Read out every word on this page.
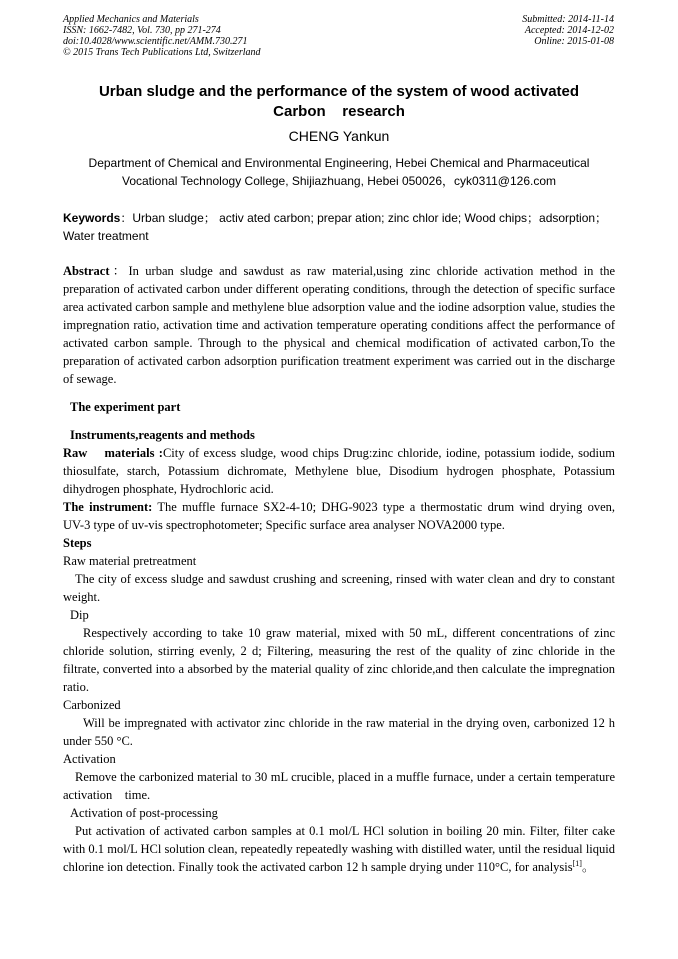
Applied Mechanics and Materials
ISSN: 1662-7482, Vol. 730, pp 271-274
doi:10.4028/www.scientific.net/AMM.730.271
© 2015 Trans Tech Publications Ltd, Switzerland
Submitted: 2014-11-14
Accepted: 2014-12-02
Online: 2015-01-08
Urban sludge and the performance of the system of wood activated
Carbon    research
CHENG Yankun
Department of Chemical and Environmental Engineering, Hebei Chemical and Pharmaceutical
Vocational Technology College, Shijiazhuang, Hebei 050026，cyk0311@126.com
Keywords：Urban sludge； activ ated carbon; prepar ation; zinc chlor ide; Wood chips；adsorption；Water treatment

Abstract：In urban sludge and sawdust as raw material,using zinc chloride activation method in the preparation of activated carbon under different operating conditions, through the detection of specific surface area activated carbon sample and methylene blue adsorption value and the iodine adsorption value, studies the impregnation ratio, activation time and activation temperature operating conditions affect the performance of activated carbon sample. Through to the physical and chemical modification of activated carbon,To the preparation of activated carbon adsorption purification treatment experiment was carried out in the discharge of sewage.

The experiment part

Instruments,reagents and methods

Raw    materials :City of excess sludge, wood chips Drug:zinc chloride, iodine, potassium iodide, sodium thiosulfate, starch, Potassium dichromate, Methylene blue, Disodium hydrogen phosphate, Potassium dihydrogen phosphate, Hydrochloric acid.

The instrument: The muffle furnace SX2-4-10; DHG-9023 type a thermostatic drum wind drying oven,    UV-3 type of uv-vis spectrophotometer; Specific surface area analyser NOVA2000 type.

Steps

Raw material pretreatment

The city of excess sludge and sawdust crushing and screening, rinsed with water clean and dry to constant weight.

Dip

Respectively according to take 10 graw material, mixed with 50 mL, different concentrations of zinc chloride solution, stirring evenly, 2 d; Filtering, measuring the rest of the quality of zinc chloride in the filtrate, converted into a absorbed by the material quality of zinc chloride,and then calculate the impregnation ratio.

Carbonized

Will be impregnated with activator zinc chloride in the raw material in the drying oven, carbonized 12 h under 550 °C.

Activation

Remove the carbonized material to 30 mL crucible, placed in a muffle furnace, under a certain temperature activation    time.

Activation of post-processing

Put activation of activated carbon samples at 0.1 mol/L HCl solution in boiling 20 min. Filter, filter cake with 0.1 mol/L HCl solution clean, repeatedly repeatedly washing with distilled water, until the residual liquid chlorine ion detection. Finally took the activated carbon 12 h sample drying under 110°C, for analysis[1]。
